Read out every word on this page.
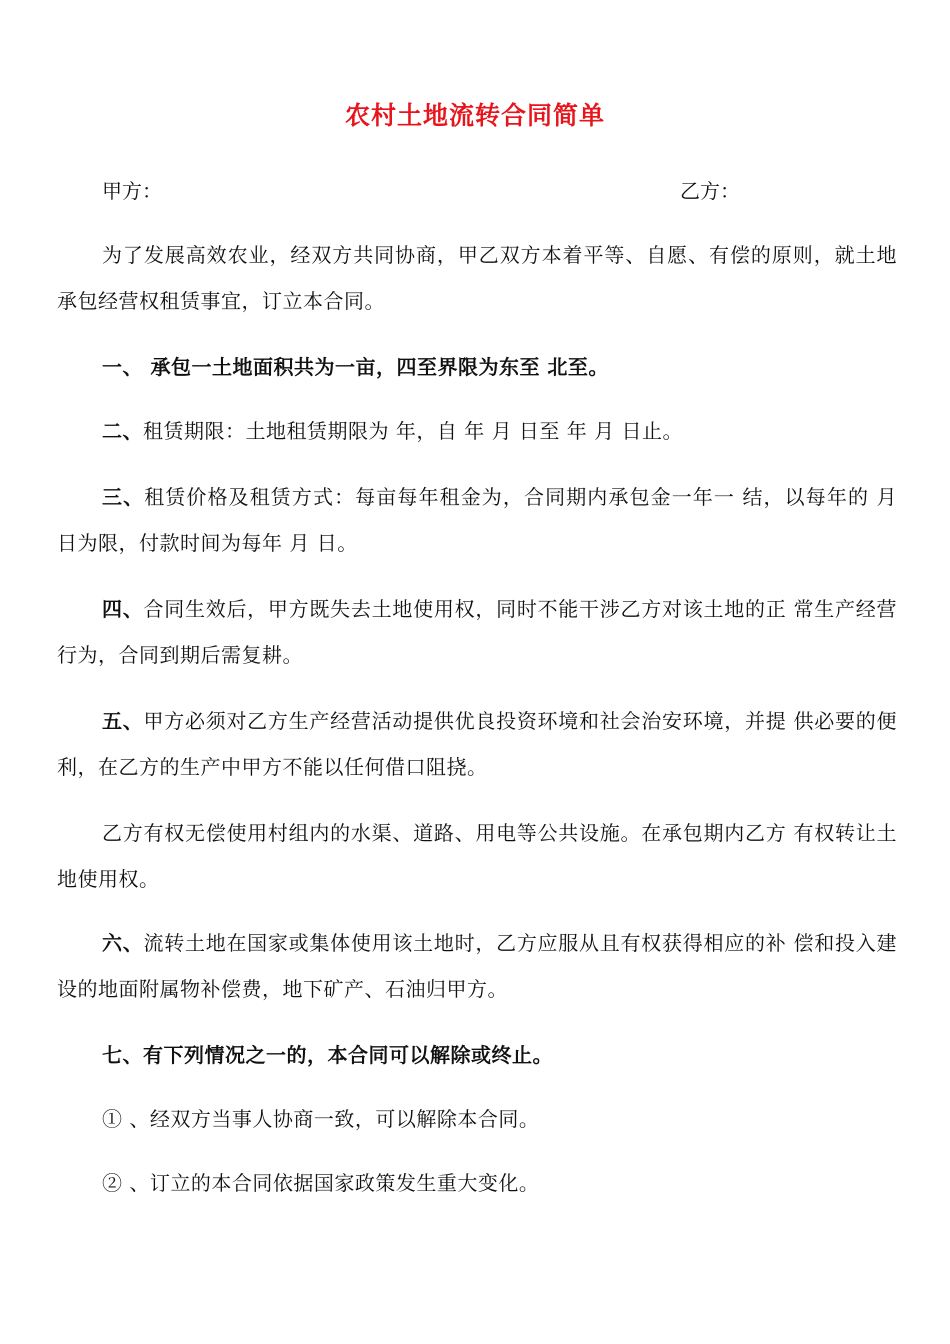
农村土地流转合同简单
甲方：	乙方：
为了发展高效农业，经双方共同协商，甲乙双方本着平等、自愿、有偿的原则，就土地承包经营权租赁事宜，订立本合同。
一、 承包一土地面积共为一亩，四至界限为东至 北至。
二、租赁期限：土地租赁期限为 年，自 年 月 日至 年 月 日止。
三、租赁价格及租赁方式：每亩每年租金为，合同期内承包金一年一 结，以每年的 月 日为限，付款时间为每年 月 日。
四、合同生效后，甲方既失去土地使用权，同时不能干涉乙方对该土地的正 常生产经营行为，合同到期后需复耕。
五、甲方必须对乙方生产经营活动提供优良投资环境和社会治安环境，并提 供必要的便利，在乙方的生产中甲方不能以任何借口阻挠。
乙方有权无偿使用村组内的水渠、道路、用电等公共设施。在承包期内乙方 有权转让土地使用权。
六、流转土地在国家或集体使用该土地时，乙方应服从且有权获得相应的补 偿和投入建设的地面附属物补偿费，地下矿产、石油归甲方。
七、有下列情况之一的，本合同可以解除或终止。
① 、经双方当事人协商一致，可以解除本合同。
② 、订立的本合同依据国家政策发生重大变化。
